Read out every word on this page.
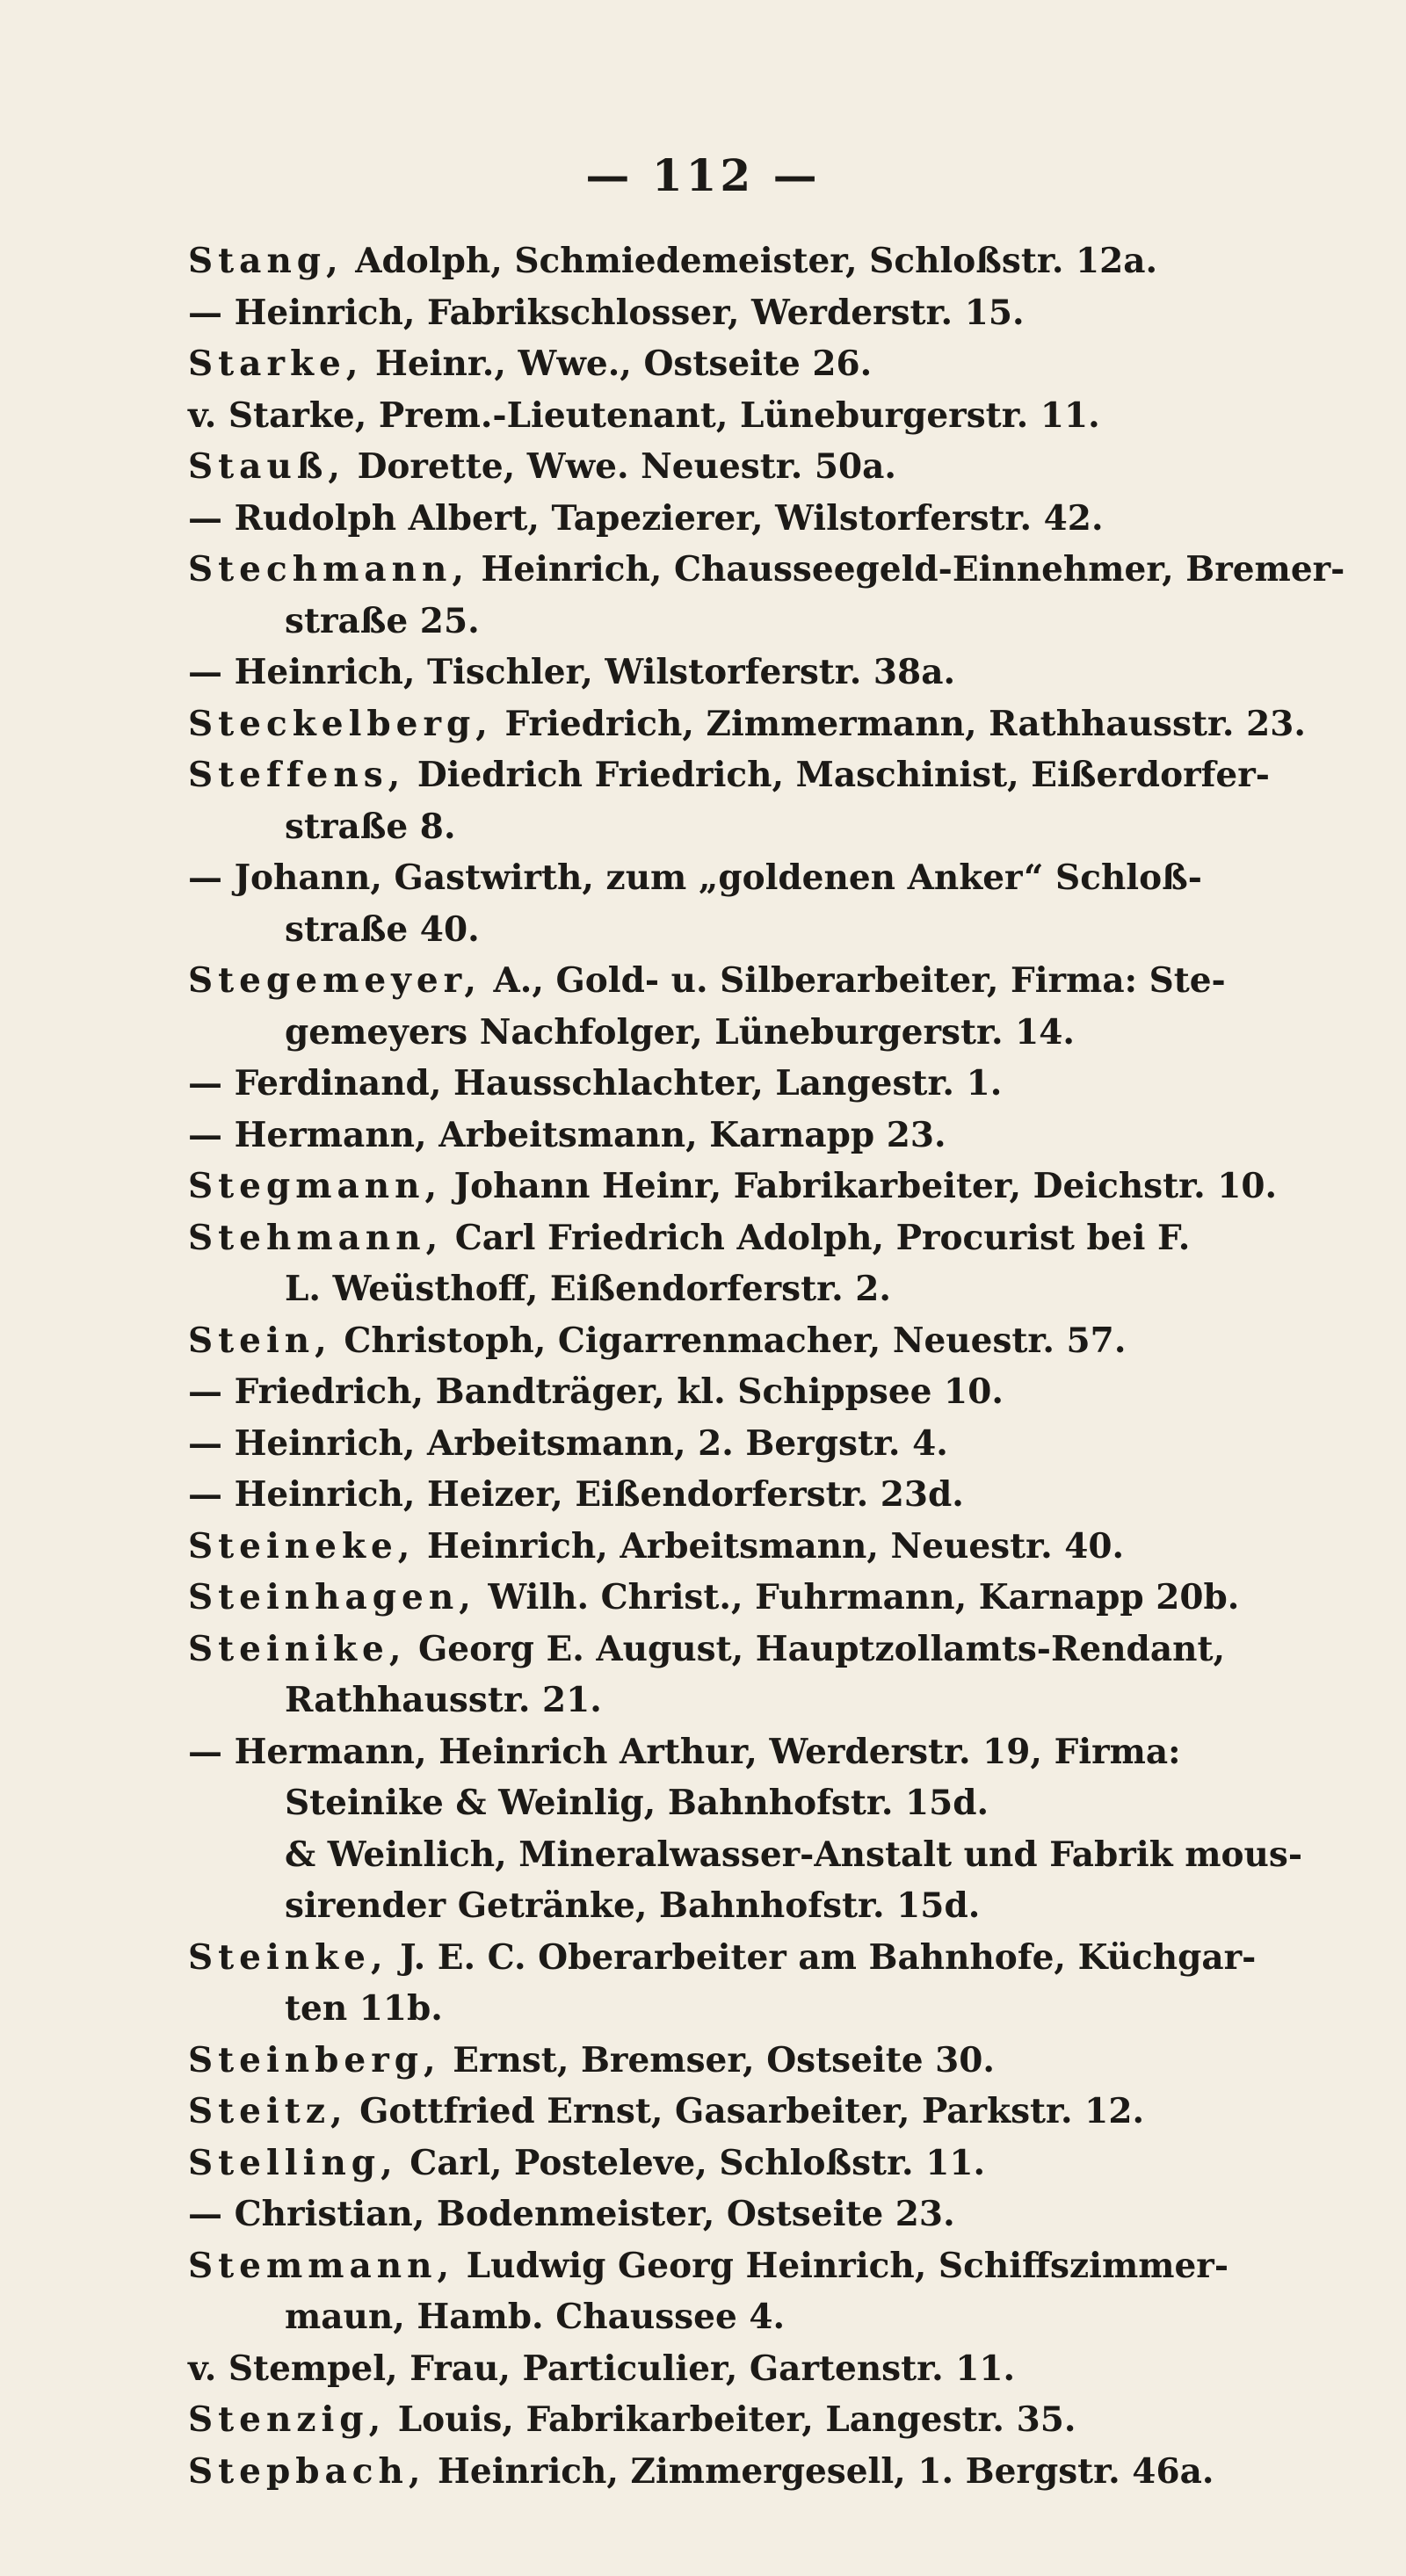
— 112 —
Stang, Adolph, Schmiedemeister, Schloßstr. 12a.
— Heinrich, Fabrikschlosser, Werderstr. 15.
Starke, Heinr., Wwe., Ostseite 26.
v. Starke, Prem.-Lieutenant, Lüneburgerstr. 11.
Stauß, Dorette, Wwe. Neuestr. 50a.
— Rudolph Albert, Tapezierer, Wilstorferstr. 42.
Stechmann, Heinrich, Chausseegeld-Einnehmer, Bremer-
straße 25.
— Heinrich, Tischler, Wilstorferstr. 38a.
Steckelberg, Friedrich, Zimmermann, Rathhausstr. 23.
Steffens, Diedrich Friedrich, Maschinist, Eißerdorfer-
straße 8.
— Johann, Gastwirth, zum „goldenen Anker“ Schloß-
straße 40.
Stegemeyer, A., Gold- u. Silberarbeiter, Firma: Ste-
gemeyers Nachfolger, Lüneburgerstr. 14.
— Ferdinand, Hausschlachter, Langestr. 1.
— Hermann, Arbeitsmann, Karnapp 23.
Stegmann, Johann Heinr, Fabrikarbeiter, Deichstr. 10.
Stehmann, Carl Friedrich Adolph, Procurist bei F.
L. Weüsthoff, Eißendorferstr. 2.
Stein, Christoph, Cigarrenmacher, Neuestr. 57.
— Friedrich, Bandträger, kl. Schippsee 10.
— Heinrich, Arbeitsmann, 2. Bergstr. 4.
— Heinrich, Heizer, Eißendorferstr. 23d.
Steineke, Heinrich, Arbeitsmann, Neuestr. 40.
Steinhagen, Wilh. Christ., Fuhrmann, Karnapp 20b.
Steinike, Georg E. August, Hauptzollamts-Rendant,
Rathhausstr. 21.
— Hermann, Heinrich Arthur, Werderstr. 19, Firma:
Steinike & Weinlig, Bahnhofstr. 15d.
& Weinlich, Mineralwasser-Anstalt und Fabrik mous-
sirender Getränke, Bahnhofstr. 15d.
Steinke, J. E. C. Oberarbeiter am Bahnhofe, Küchgar-
ten 11b.
Steinberg, Ernst, Bremser, Ostseite 30.
Steitz, Gottfried Ernst, Gasarbeiter, Parkstr. 12.
Stelling, Carl, Posteleve, Schloßstr. 11.
— Christian, Bodenmeister, Ostseite 23.
Stemmann, Ludwig Georg Heinrich, Schiffszimmer-
maun, Hamb. Chaussee 4.
v. Stempel, Frau, Particulier, Gartenstr. 11.
Stenzig, Louis, Fabrikarbeiter, Langestr. 35.
Stepbach, Heinrich, Zimmergesell, 1. Bergstr. 46a.
